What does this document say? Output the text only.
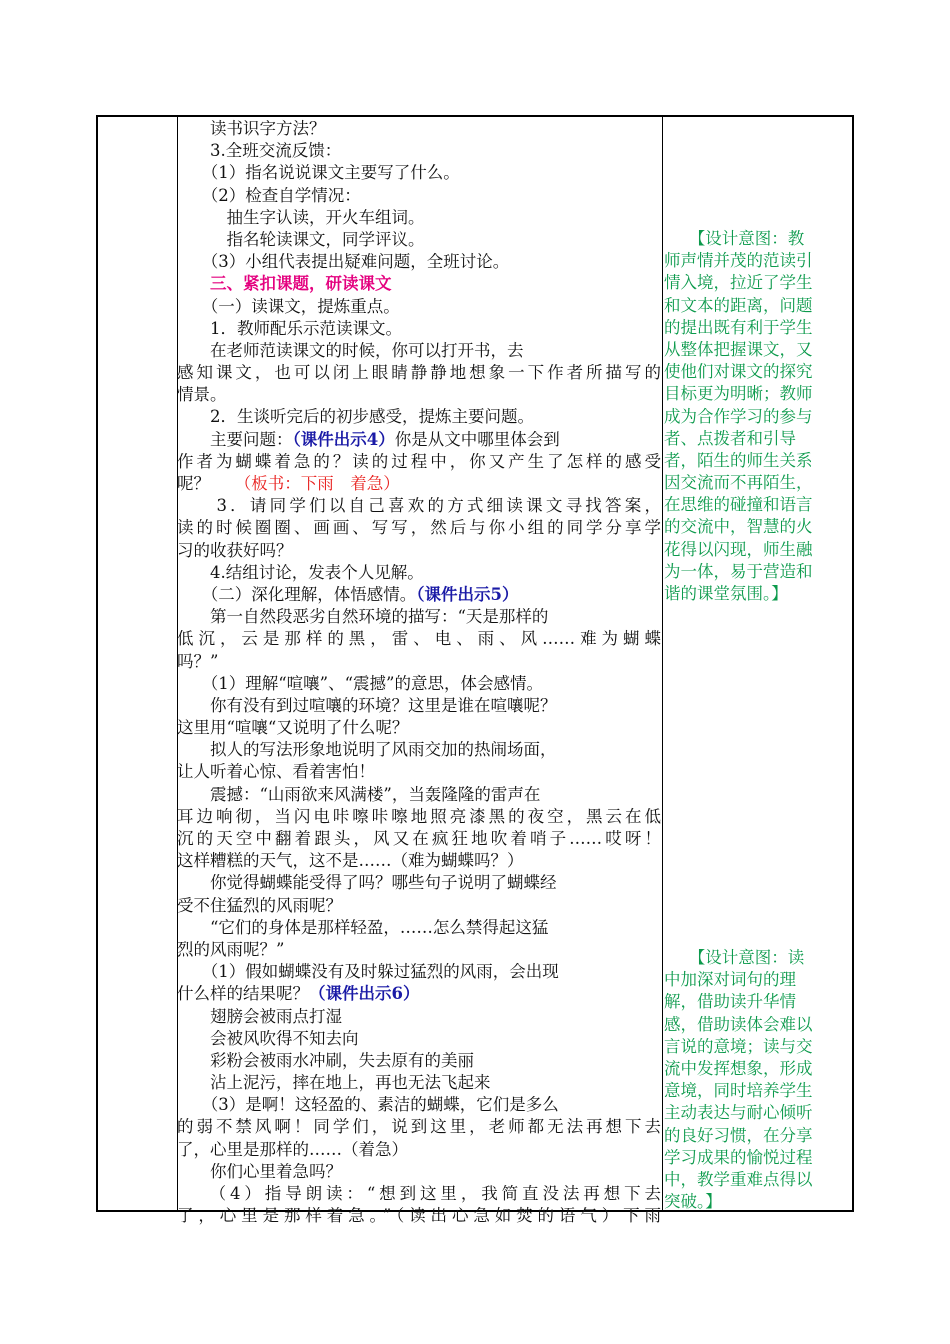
　　读书识字方法？
　　3.全班交流反馈：
　　（1）指名说说课文主要写了什么。
　　（2）检查自学情况：
　　　抽生字认读，开火车组词。
　　　指名轮读课文，同学评议。
　　（3）小组代表提出疑难问题，全班讨论。
　　三、紧扣课题，研读课文
　　（一）读课文，提炼重点。
　　1．教师配乐示范读课文。
　　在老师范读课文的时候，你可以打开书，去
感知课文，也可以闭上眼睛静静地想象一下作者所描写的
情景。
　　2．生谈听完后的初步感受，提炼主要问题。
　　主要问题：（课件出示4）你是从文中哪里体会到
作者为蝴蝶着急的？读的过程中，你又产生了怎样的感受
呢？　　（板书：下雨　着急）
　　3．请同学们以自己喜欢的方式细读课文寻找答案，
读的时候圈圈、画画、写写，然后与你小组的同学分享学
习的收获好吗？
　　4.结组讨论，发表个人见解。
　　（二）深化理解，体悟感情。（课件出示5）
　　第一自然段恶劣自然环境的描写：“天是那样的
低沉，云是那样的黑，雷、电、雨、风……难为蝴蝶
吗？”
　　（1）理解“喧嚷”、“震撼”的意思，体会感情。
　　你有没有到过喧嚷的环境？这里是谁在喧嚷呢？
这里用“喧嚷“又说明了什么呢？
　　拟人的写法形象地说明了风雨交加的热闹场面，
让人听着心惊、看着害怕！
　　震撼：“山雨欲来风满楼”，当轰隆隆的雷声在
耳边响彻，当闪电咔嚓咔嚓地照亮漆黑的夜空，黑云在低
沉的天空中翻着跟头，风又在疯狂地吹着哨子……哎呀！
这样糟糕的天气，这不是……（难为蝴蝶吗？）
　　你觉得蝴蝶能受得了吗？哪些句子说明了蝴蝶经
受不住猛烈的风雨呢？
　　“它们的身体是那样轻盈，……怎么禁得起这猛
烈的风雨呢？”
　　（1）假如蝴蝶没有及时躲过猛烈的风雨，会出现
什么样的结果呢？（课件出示6）
　　翅膀会被雨点打湿
　　会被风吹得不知去向
　　彩粉会被雨水冲刷，失去原有的美丽
　　沾上泥污，摔在地上，再也无法飞起来
　　（3）是啊！这轻盈的、素洁的蝴蝶，它们是多么
的弱不禁风啊！同学们，说到这里，老师都无法再想下去
了，心里是那样的……（着急）
　　你们心里着急吗？
　　（4）指导朗读：“想到这里，我简直没法再想下去
了，心里是那样着急。”（读出心急如焚的语气）下雨
　　【设计意图：教
师声情并茂的范读引
情入境，拉近了学生
和文本的距离，问题
的提出既有利于学生
从整体把握课文，又
使他们对课文的探究
目标更为明晰；教师
成为合作学习的参与
者、点拨者和引导
者，陌生的师生关系
因交流而不再陌生，
在思维的碰撞和语言
的交流中，智慧的火
花得以闪现，师生融
为一体，易于营造和
谐的课堂氛围。】
　　【设计意图：读
中加深对词句的理
解，借助读升华情
感，借助读体会难以
言说的意境；读与交
流中发挥想象，形成
意境，同时培养学生
主动表达与耐心倾听
的良好习惯，在分享
学习成果的愉悦过程
中，教学重难点得以
突破。】
